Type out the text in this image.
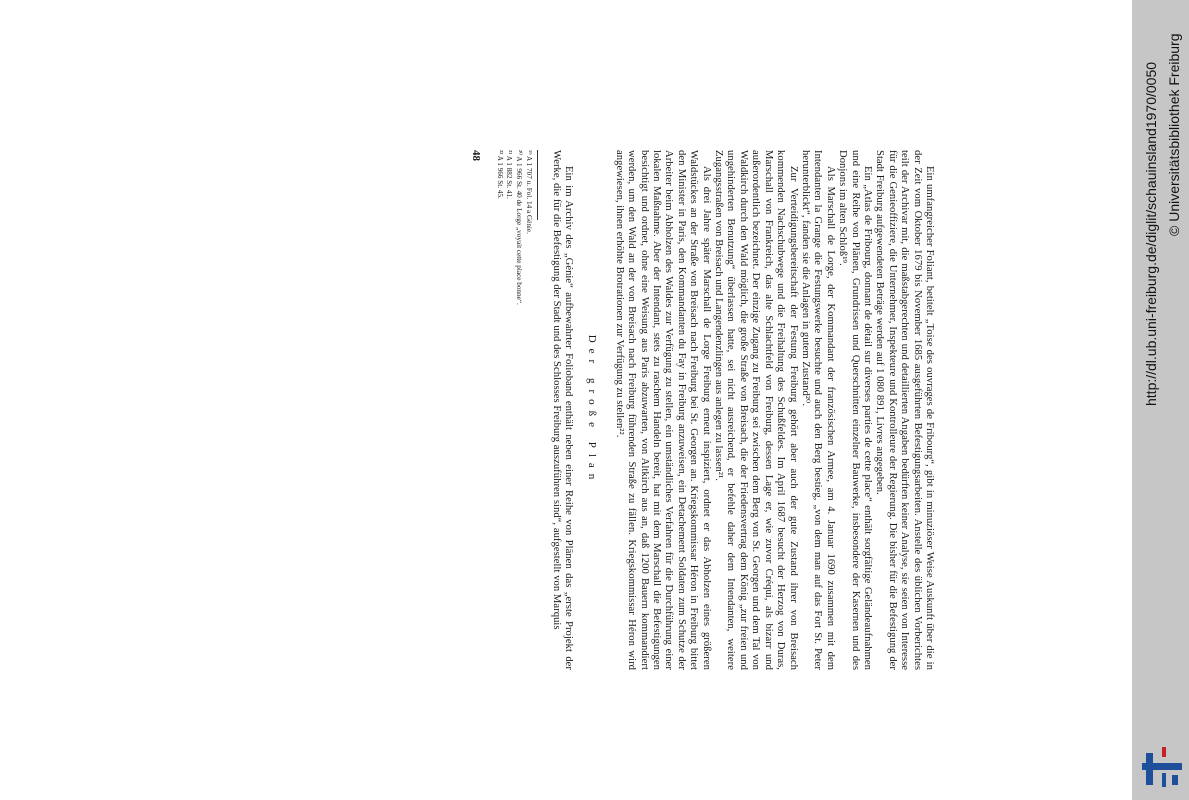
Ein umfangreicher Foliant, betitelt „Toise des ouvrages de Fribourg“, gibt in minuziöser Weise Auskunft über die in der Zeit vom Oktober 1679 bis November 1685 ausgeführten Befestigungsarbeiten. Anstelle des üblichen Vorberichtes teilt der Archivar mit, die maßstabgerechten und detaillierten Angaben bedürften keiner Analyse, sie seien von Interesse für die Genieoffiziere, die Unternehmer, Inspekteure und Kontrolleure der Regierung. Die bisher für die Befestigung der Stadt Freiburg aufgewendeten Beträge werden auf 1 080 891, Livres angegeben.

Ein „Atlas de Fribourg, donnant de détail sur diverses parties de cette place“ enthält sorgfältige Geländeaufnahmen und eine Reihe von Plänen, Grundrissen und Querschnitten einzelner Bauwerke, insbesondere der Kasernen und des Donjons im alten Schloß¹⁹.

Als Marschall de Lorge, der Kommandant der französischen Armee, am 4. Januar 1690 zusammen mit dem Intendanten la Grange die Festungswerke besuchte und auch den Berg bestieg, „von dem man auf das Fort St. Peter herunterblickt“, fanden sie die Anlagen in gutem Zustand²⁰.

Zur Verteidigungsbereitschaft der Festung Freiburg gehört aber auch der gute Zustand ihrer von Breisach kommenden Nachschubwege und die Freihaltung des Schußfeldes. Im April 1687 besucht der Herzog von Duras, Marschall von Frankreich, das alte Schlachtfeld von Freiburg, dessen Lage er, wie zuvor Créqui, als bizarr und außerordentlich bezeichnet. Der einzige Zugang zu Freiburg sei zwischen dem Berg von St. Georgen und dem Tal von Waldkirch durch den Wald möglich, die große Straße von Breisach, die der Friedensvertrag dem König „zur freien und ungehinderten Benutzung“ überlassen hatte, sei nicht ausreichend, er befehle daher dem Intendanten, weitere Zugangsstraßen von Breisach und Langendenzlingen aus anlegen zu lassen²¹.

Als drei Jahre später Marschall de Lorge Freiburg erneut inspiziert, ordnet er das Abholzen eines größeren Waldstückes an der Straße von Breisach nach Freiburg bei St. Georgen an. Kriegskommissar Héron in Freiburg bittet den Minister in Paris, den Kommandanten du Fay in Freiburg anzuweisen, ein Detachement Soldaten zum Schutze der Arbeiter beim Abholzen des Waldes zur Verfügung zu stellen, ein umständliches Verfahren für die Durchführung einer lokalen Maßnahme. Aber der Intendant, stets zu raschem Handeln bereit, hat mit dem Marschall die Befestigungen besichtigt und ordnet, ohne eine Weisung aus Paris abzuwarten, von Altkirch aus an, daß 1200 Bauern kommandiert werden, um den Wald an der von Breisach nach Freiburg führenden Straße zu fällen. Kriegskommissar Héron wird angewiesen, ihnen erhöhte Brotrationen zur Verfügung zu stellen²².

Der große Plan

Ein im Archiv des „Génie“ aufbewahrter Folioband enthält neben einer Reihe von Plänen das „erste Projekt der Werke, die für die Befestigung der Stadt und des Schlosses Freiburg auszuführen sind“, aufgestellt von Marquis

¹⁹ A 1 707 u. Fol. 14 a Génie.
²⁰ A 1 966 St. 40 de Lorge „voyait cette place bonne“.
²¹ A 1 882 St. 41.
²² A 1 966 St. 45.
48	http://dl.ub.uni-freiburg.de/diglit/schauinsland1970/0050 © Universitätsbibliothek Freiburg
